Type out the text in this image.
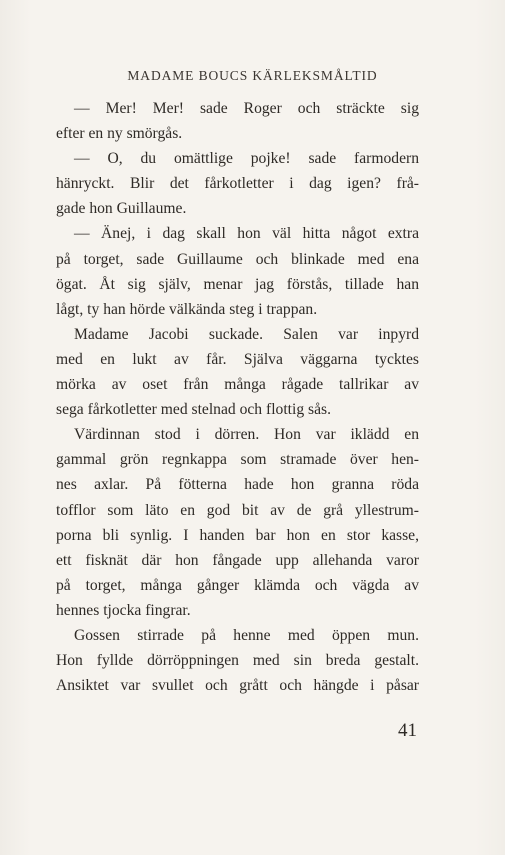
MADAME BOUCS KÄRLEKSMÅLTID
— Mer! Mer! sade Roger och sträckte sig
efter en ny smörgås.
— O, du omättlige pojke! sade farmodern
hänryckt. Blir det fårkotletter i dag igen? frå-
gade hon Guillaume.
— Änej, i dag skall hon väl hitta något extra
på torget, sade Guillaume och blinkade med ena
ögat. Åt sig själv, menar jag förstås, tillade han
lågt, ty han hörde välkända steg i trappan.
Madame Jacobi suckade. Salen var inpyrd
med en lukt av får. Själva väggarna tycktes
mörka av oset från många rågade tallrikar av
sega fårkotletter med stelnad och flottig sås.
Värdinnan stod i dörren. Hon var iklädd en
gammal grön regnkappa som stramade över hen-
nes axlar. På fötterna hade hon granna röda
tofflor som läto en god bit av de grå yllestrum-
porna bli synlig. I handen bar hon en stor kasse,
ett fisknät där hon fångade upp allehanda varor
på torget, många gånger klämda och vägda av
hennes tjocka fingrar.
Gossen stirrade på henne med öppen mun.
Hon fyllde dörröppningen med sin breda gestalt.
Ansiktet var svullet och grått och hängde i påsar
41
